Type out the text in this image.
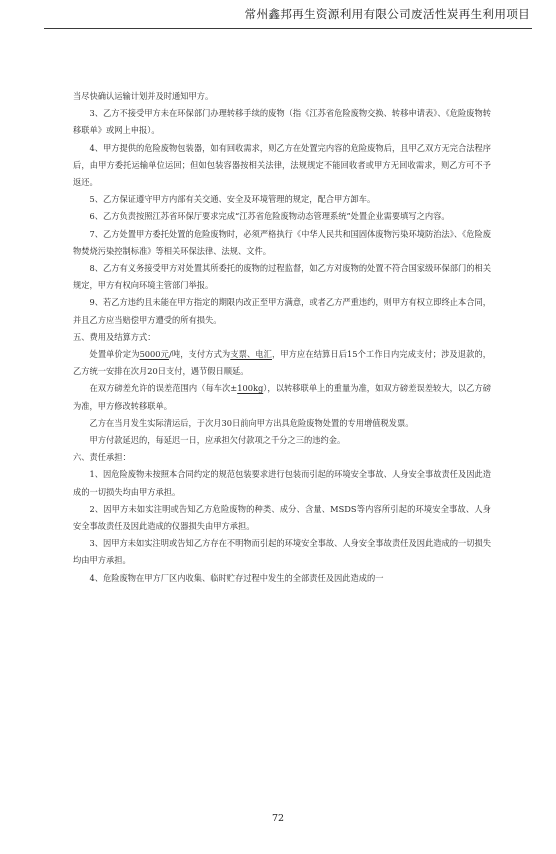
常州鑫邦再生资源利用有限公司废活性炭再生利用项目

当尽快确认运输计划并及时通知甲方。

3、乙方不接受甲方未在环保部门办理转移手续的废物（指《江苏省危险废物交换、转移申请表》、《危险废物转移联单》或网上申报）。

4、甲方提供的危险废物包装器，如有回收需求，则乙方在处置完内容的危险废物后，且甲乙双方无完合法程序后，由甲方委托运输单位运回；但如包装容器按相关法律，法规规定不能回收者或甲方无回收需求，则乙方可不予返还。

5、乙方保证遵守甲方内部有关交通、安全及环境管理的规定，配合甲方卸车。

6、乙方负责按照江苏省环保厅要求完成“江苏省危险废物动态管理系统”处置企业需要填写之内容。

7、乙方处置甲方委托处置的危险废物时，必须严格执行《中华人民共和国固体废物污染环境防治法》、《危险废物焚烧污染控制标准》等相关环保法律、法规、文件。

8、乙方有义务接受甲方对处置其所委托的废物的过程监督，如乙方对废物的处置不符合国家级环保部门的相关规定，甲方有权向环境主管部门举报。

9、若乙方违约且未能在甲方指定的期限内改正至甲方满意，或者乙方严重违约，则甲方有权立即终止本合同，并且乙方应当赔偿甲方遭受的所有损失。

五、费用及结算方式：

处置单价定为5000元/吨，支付方式为支票、电汇，甲方应在结算日后15个工作日内完成支付；涉及退款的，乙方统一安排在次月20日支付，遇节假日顺延。

在双方磅差允许的误差范围内（每车次±100kg），以转移联单上的重量为准，如双方磅差误差较大，以乙方磅为准，甲方修改转移联单。

乙方在当月发生实际清运后，于次月30日前向甲方出具危险废物处置的专用增值税发票。

甲方付款延迟的，每延迟一日，应承担欠付款项之千分之三的违约金。

六、责任承担：

1、因危险废物未按照本合同约定的规范包装要求进行包装而引起的环境安全事故、人身安全事故责任及因此造成的一切损失均由甲方承担。

2、因甲方未如实注明或告知乙方危险废物的种类、成分、含量、MSDS等内容所引起的环境安全事故、人身安全事故责任及因此造成的仪器损失由甲方承担。

3、因甲方未如实注明或告知乙方存在不明物而引起的环境安全事故、人身安全事故责任及因此造成的一切损失均由甲方承担。

4、危险废物在甲方厂区内收集、临时贮存过程中发生的全部责任及因此造成的一

72
